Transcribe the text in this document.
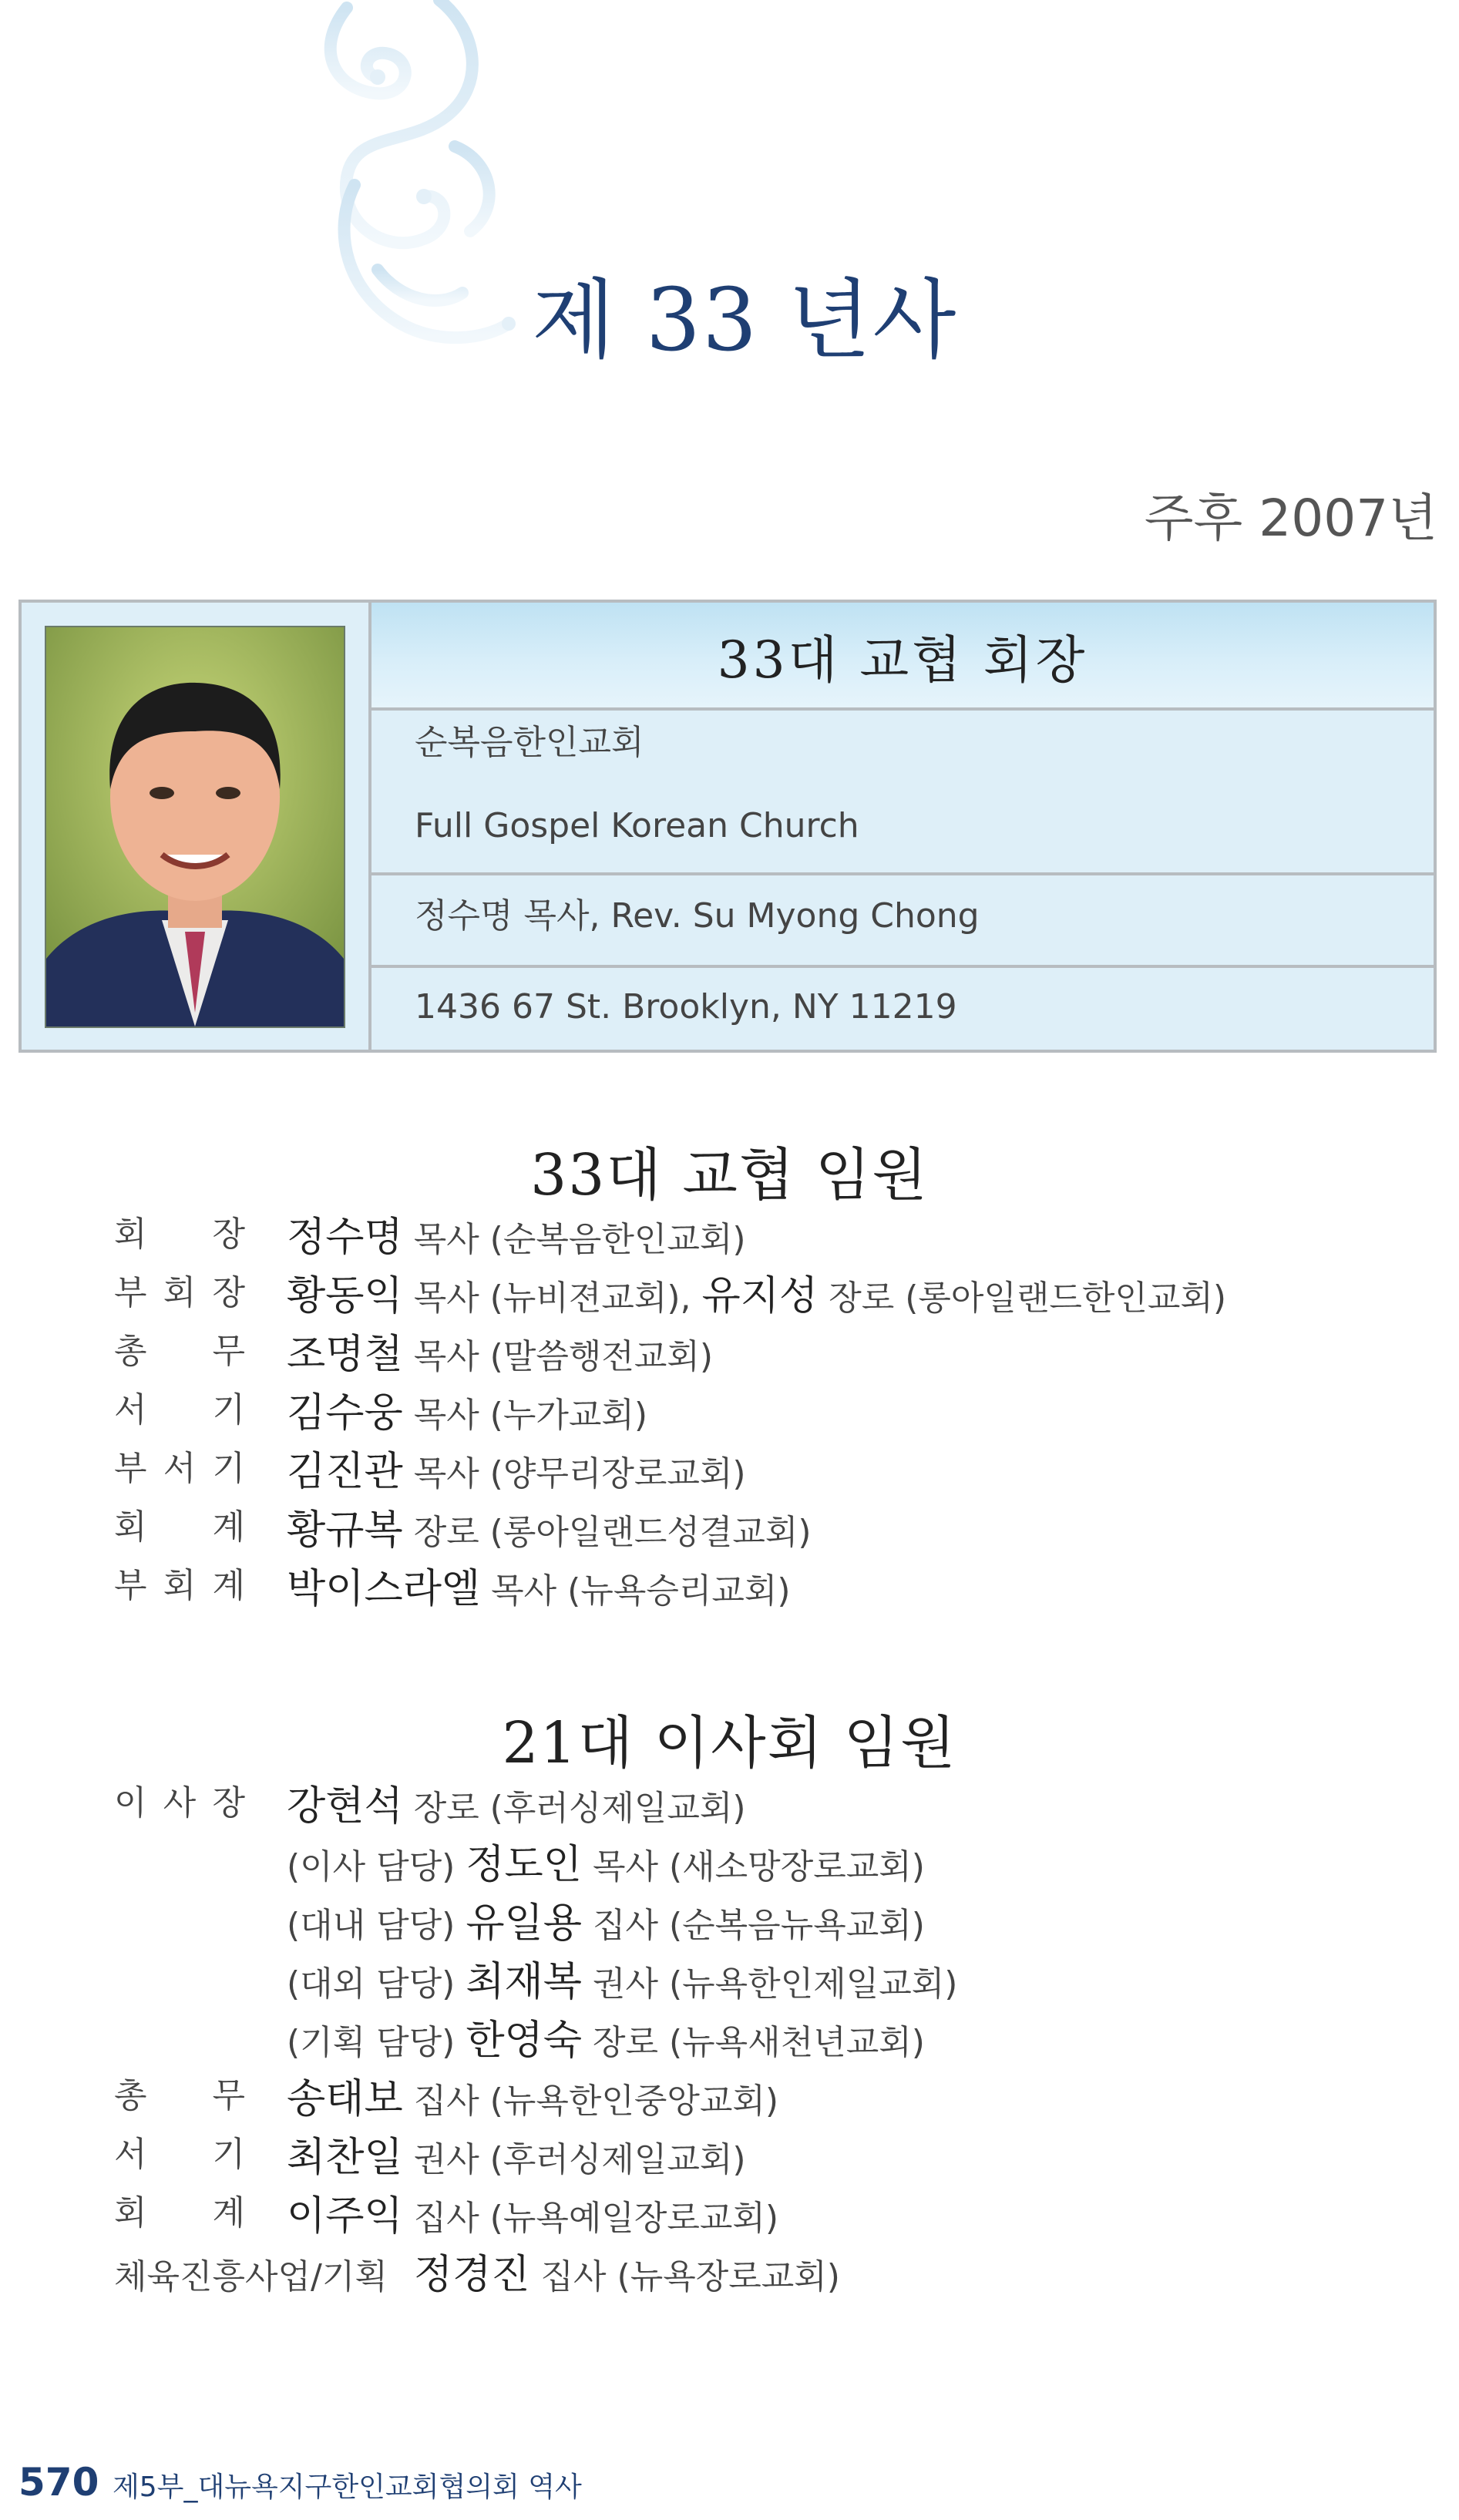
제 33 년사
주후 2007년
33대 교협 회장
순복음한인교회
Full Gospel Korean Church
정수명 목사, Rev. Su Myong Chong
1436 67 St. Brooklyn, NY 11219
33대 교협 임원
회 장 정수명 목사 (순복음한인교회)
부 회 장 황동익 목사 (뉴비젼교회), 유지성 장로 (롱아일랜드한인교회)
총 무 조명철 목사 (말씀행전교회)
서 기 김수웅 목사 (누가교회)
부 서 기 김진관 목사 (양무리장로교회)
회 계 황규복 장로 (롱아일랜드성결교회)
부 회 계 박이스라엘 목사 (뉴욕승리교회)
21대 이사회 임원
이 사 장 강현석 장로 (후러싱제일교회)
(이사 담당) 정도인 목사 (새소망장로교회)
(대내 담당) 유일용 집사 (순복음뉴욕교회)
(대외 담당) 최재복 권사 (뉴욕한인제일교회)
(기획 담당) 한영숙 장로 (뉴욕새천년교회)
총 무 송태보 집사 (뉴욕한인중앙교회)
서 기 최찬일 권사 (후러싱제일교회)
회 계 이주익 집사 (뉴욕예일장로교회)
체육진흥사업/기획 정경진 집사 (뉴욕장로교회)
570 제5부_대뉴욕지구한인교회협의회 역사
